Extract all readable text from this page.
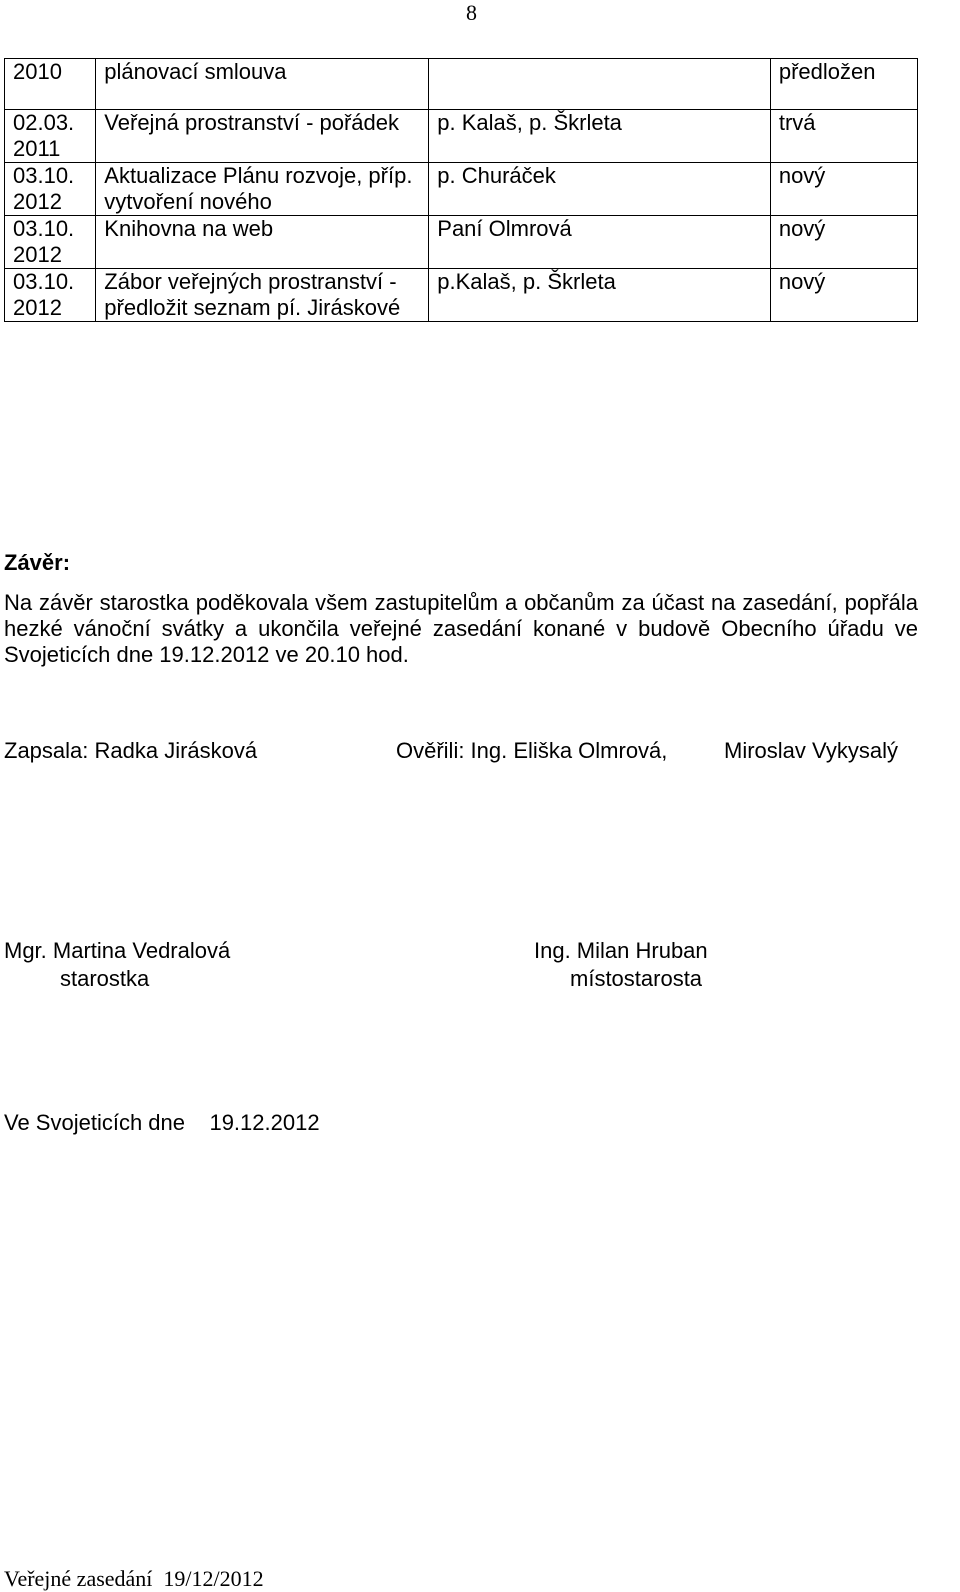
8
2010	plánovací smlouva		předložen
02.03. 2011	Veřejná prostranství - pořádek	p. Kalaš, p. Škrleta	trvá
03.10. 2012	Aktualizace Plánu rozvoje, příp. vytvoření nového	p. Churáček	nový
03.10. 2012	Knihovna na web	Paní Olmrová	nový
03.10. 2012	Zábor veřejných prostranství - předložit seznam pí. Jiráskové	p.Kalaš, p. Škrleta	nový
Závěr:
Na závěr starostka poděkovala všem zastupitelům a občanům za účast na zasedání, popřála hezké vánoční svátky a ukončila veřejné zasedání konané v budově Obecního úřadu ve Svojeticích dne 19.12.2012 ve 20.10 hod.
Zapsala: Radka Jirásková	Ověřili: Ing. Eliška Olmrová,	Miroslav Vykysalý
Mgr. Martina Vedralová
starostka
Ing. Milan Hruban
místostarosta
Ve Svojeticích dne    19.12.2012
Veřejné zasedání  19/12/2012
